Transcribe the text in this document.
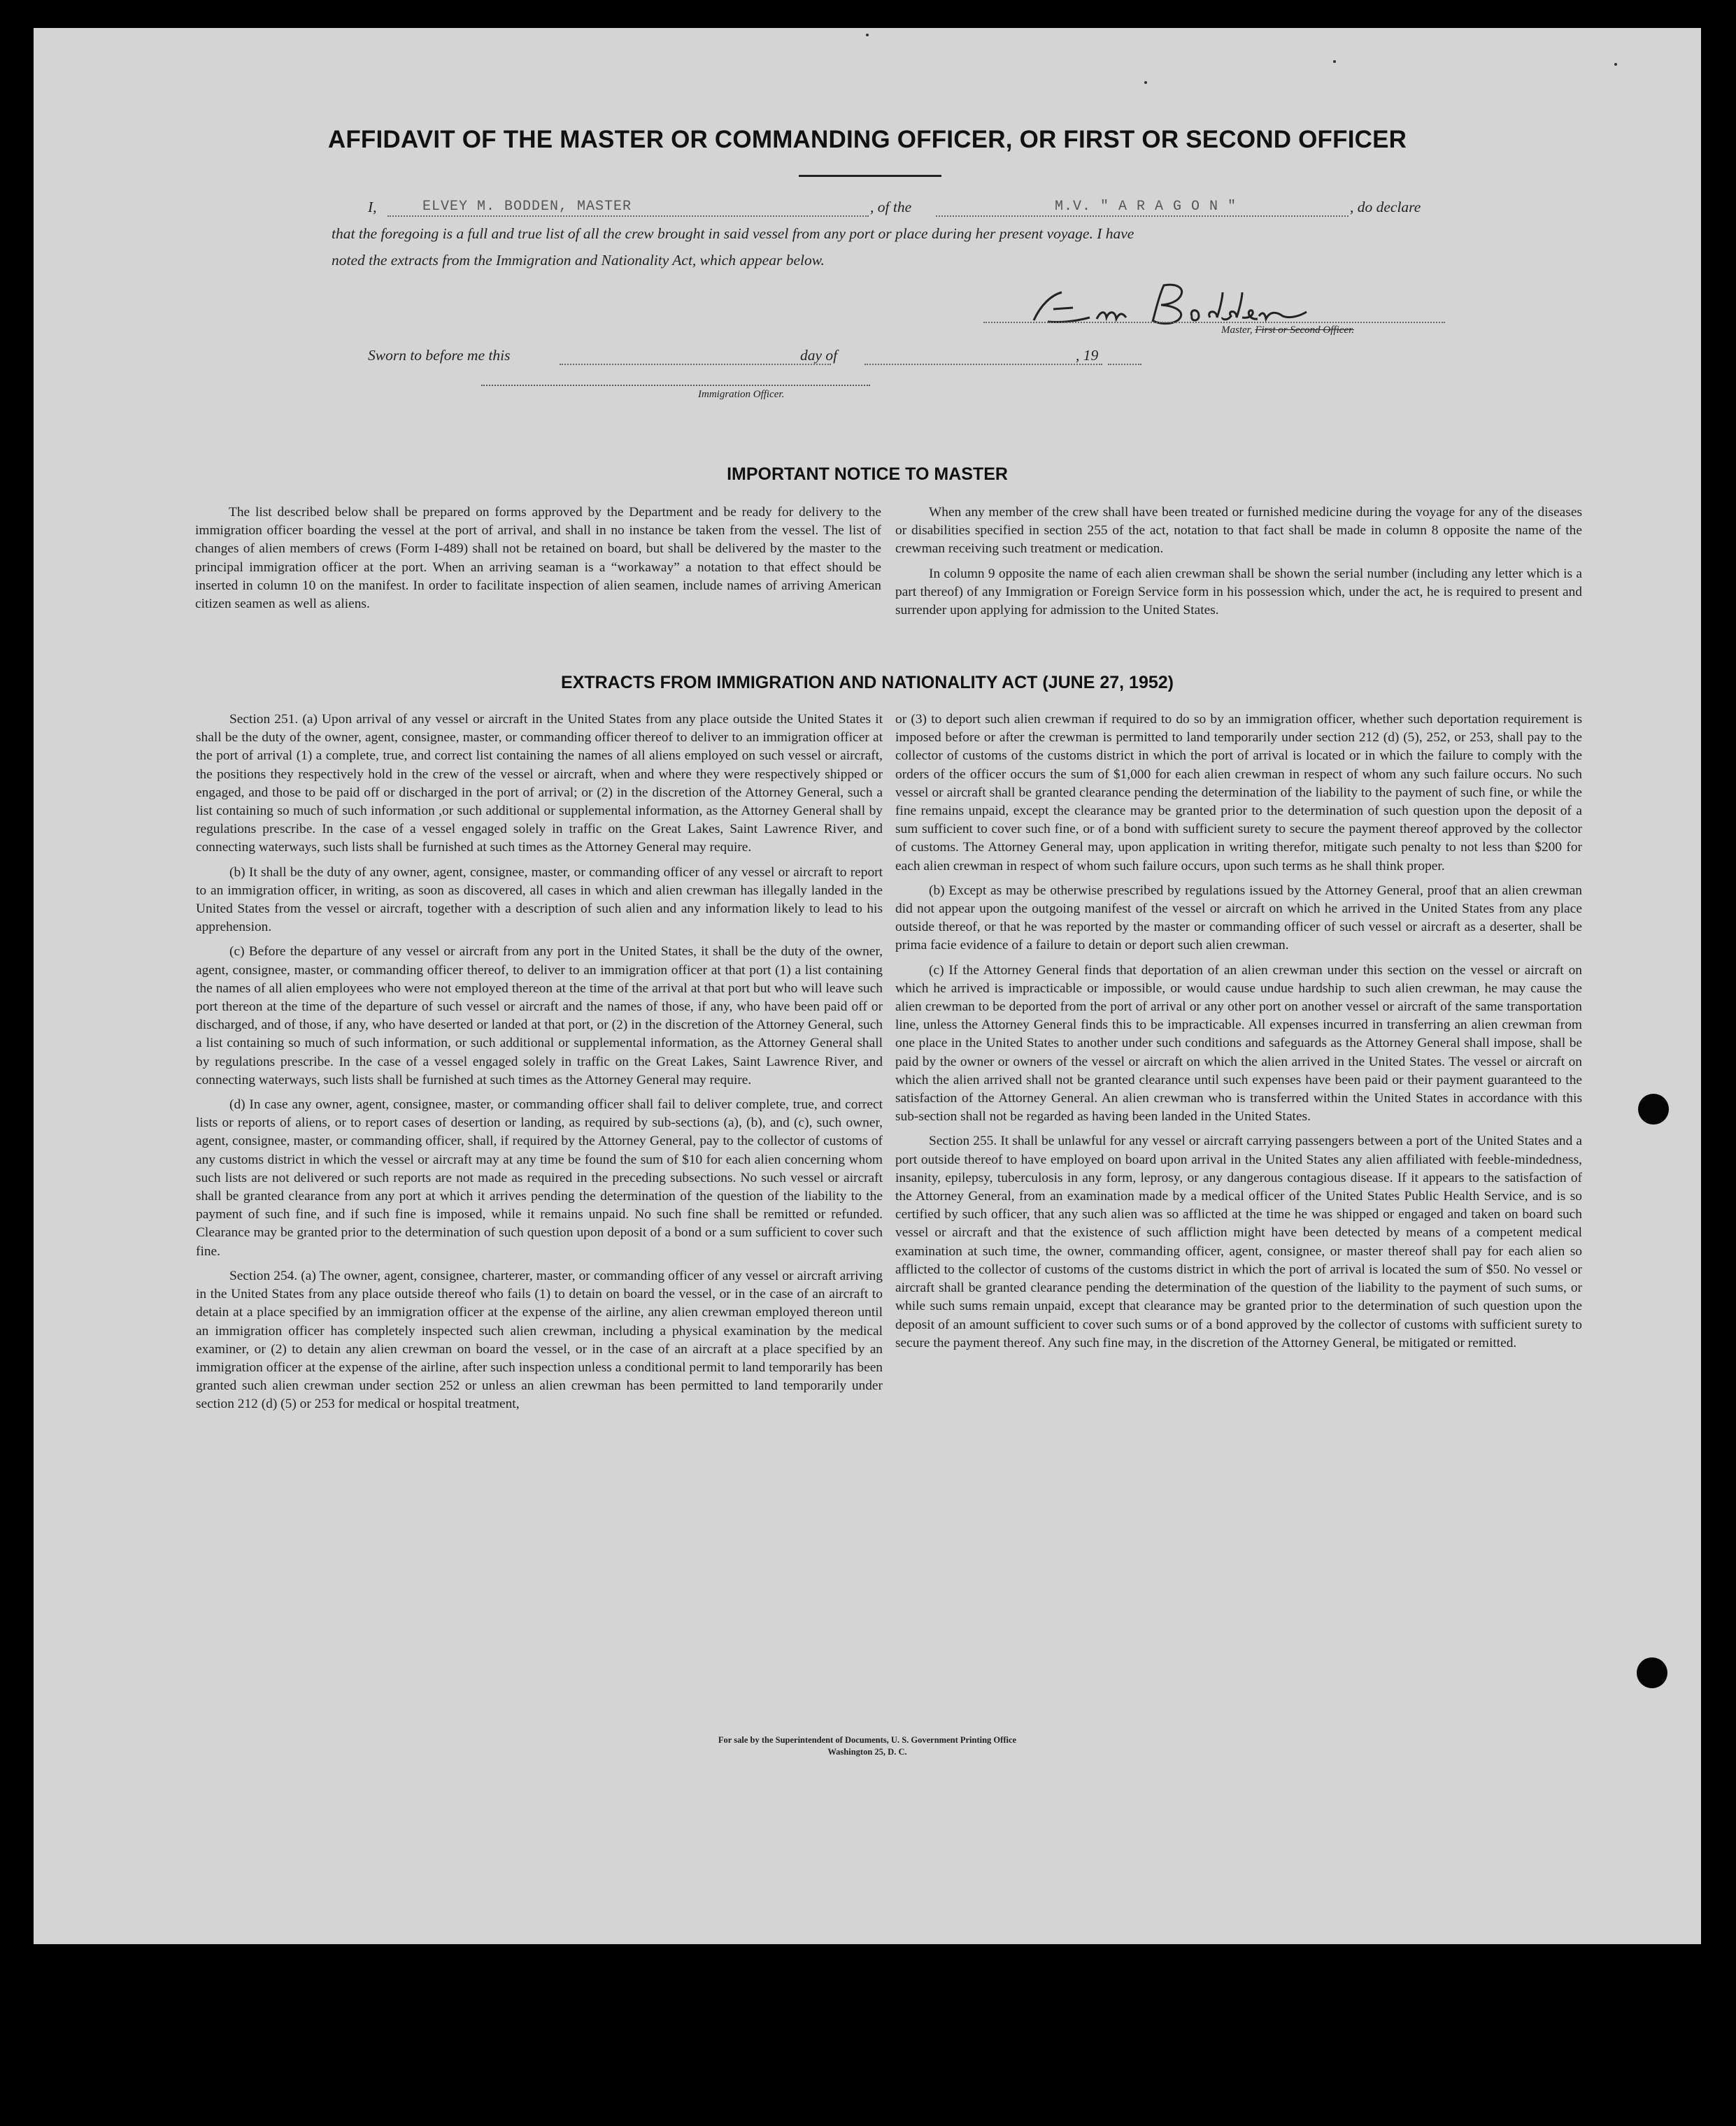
AFFIDAVIT OF THE MASTER OR COMMANDING OFFICER, OR FIRST OR SECOND OFFICER
I,	ELVEY M. BODDEN, MASTER	, of the	M.V. " A R A G O N "	, do declare
that the foregoing is a full and true list of all the crew brought in said vessel from any port or place during her present voyage. I have
noted the extracts from the Immigration and Nationality Act, which appear below.
Master, First or Second Officer.
Sworn to before me this	day of	, 19
Immigration Officer.
IMPORTANT NOTICE TO MASTER

The list described below shall be prepared on forms approved by the Department and be ready for delivery to the immigration officer boarding the vessel at the port of arrival, and shall in no instance be taken from the vessel. The list of changes of alien members of crews (Form I-489) shall not be retained on board, but shall be delivered by the master to the principal immigration officer at the port. When an arriving seaman is a “workaway” a notation to that effect should be inserted in column 10 on the manifest. In order to facilitate inspection of alien seamen, include names of arriving American citizen seamen as well as aliens.

When any member of the crew shall have been treated or furnished medicine during the voyage for any of the diseases or disabilities specified in section 255 of the act, notation to that fact shall be made in column 8 opposite the name of the crewman receiving such treatment or medication.

In column 9 opposite the name of each alien crewman shall be shown the serial number (including any letter which is a part thereof) of any Immigration or Foreign Service form in his possession which, under the act, he is required to present and surrender upon applying for admission to the United States.

EXTRACTS FROM IMMIGRATION AND NATIONALITY ACT (JUNE 27, 1952)

Section 251. (a) Upon arrival of any vessel or aircraft in the United States from any place outside the United States it shall be the duty of the owner, agent, consignee, master, or commanding officer thereof to deliver to an immigration officer at the port of arrival (1) a complete, true, and correct list containing the names of all aliens employed on such vessel or aircraft, the positions they respectively hold in the crew of the vessel or aircraft, when and where they were respectively shipped or engaged, and those to be paid off or discharged in the port of arrival; or (2) in the discretion of the Attorney General, such a list containing so much of such information ,or such additional or supplemental information, as the Attorney General shall by regulations prescribe. In the case of a vessel engaged solely in traffic on the Great Lakes, Saint Lawrence River, and connecting waterways, such lists shall be furnished at such times as the Attorney General may require.

(b) It shall be the duty of any owner, agent, consignee, master, or commanding officer of any vessel or aircraft to report to an immigration officer, in writing, as soon as discovered, all cases in which and alien crewman has illegally landed in the United States from the vessel or aircraft, together with a description of such alien and any information likely to lead to his apprehension.

(c) Before the departure of any vessel or aircraft from any port in the United States, it shall be the duty of the owner, agent, consignee, master, or commanding officer thereof, to deliver to an immigration officer at that port (1) a list containing the names of all alien employees who were not employed thereon at the time of the arrival at that port but who will leave such port thereon at the time of the departure of such vessel or aircraft and the names of those, if any, who have been paid off or discharged, and of those, if any, who have deserted or landed at that port, or (2) in the discretion of the Attorney General, such a list containing so much of such information, or such additional or supplemental information, as the Attorney General shall by regulations prescribe. In the case of a vessel engaged solely in traffic on the Great Lakes, Saint Lawrence River, and connecting waterways, such lists shall be furnished at such times as the Attorney General may require.

(d) In case any owner, agent, consignee, master, or commanding officer shall fail to deliver complete, true, and correct lists or reports of aliens, or to report cases of desertion or landing, as required by sub-sections (a), (b), and (c), such owner, agent, consignee, master, or commanding officer, shall, if required by the Attorney General, pay to the collector of customs of any customs district in which the vessel or aircraft may at any time be found the sum of $10 for each alien concerning whom such lists are not delivered or such reports are not made as required in the preceding subsections. No such vessel or aircraft shall be granted clearance from any port at which it arrives pending the determination of the question of the liability to the payment of such fine, and if such fine is imposed, while it remains unpaid. No such fine shall be remitted or refunded. Clearance may be granted prior to the determination of such question upon deposit of a bond or a sum sufficient to cover such fine.

Section 254. (a) The owner, agent, consignee, charterer, master, or commanding officer of any vessel or aircraft arriving in the United States from any place outside thereof who fails (1) to detain on board the vessel, or in the case of an aircraft to detain at a place specified by an immigration officer at the expense of the airline, any alien crewman employed thereon until an immigration officer has completely inspected such alien crewman, including a physical examination by the medical examiner, or (2) to detain any alien crewman on board the vessel, or in the case of an aircraft at a place specified by an immigration officer at the expense of the airline, after such inspection unless a conditional permit to land temporarily has been granted such alien crewman under section 252 or unless an alien crewman has been permitted to land temporarily under section 212 (d) (5) or 253 for medical or hospital treatment,

or (3) to deport such alien crewman if required to do so by an immigration officer, whether such deportation requirement is imposed before or after the crewman is permitted to land temporarily under section 212 (d) (5), 252, or 253, shall pay to the collector of customs of the customs district in which the port of arrival is located or in which the failure to comply with the orders of the officer occurs the sum of $1,000 for each alien crewman in respect of whom any such failure occurs. No such vessel or aircraft shall be granted clearance pending the determination of the liability to the payment of such fine, or while the fine remains unpaid, except the clearance may be granted prior to the determination of such question upon the deposit of a sum sufficient to cover such fine, or of a bond with sufficient surety to secure the payment thereof approved by the collector of customs. The Attorney General may, upon application in writing therefor, mitigate such penalty to not less than $200 for each alien crewman in respect of whom such failure occurs, upon such terms as he shall think proper.

(b) Except as may be otherwise prescribed by regulations issued by the Attorney General, proof that an alien crewman did not appear upon the outgoing manifest of the vessel or aircraft on which he arrived in the United States from any place outside thereof, or that he was reported by the master or commanding officer of such vessel or aircraft as a deserter, shall be prima facie evidence of a failure to detain or deport such alien crewman.

(c) If the Attorney General finds that deportation of an alien crewman under this section on the vessel or aircraft on which he arrived is impracticable or impossible, or would cause undue hardship to such alien crewman, he may cause the alien crewman to be deported from the port of arrival or any other port on another vessel or aircraft of the same transportation line, unless the Attorney General finds this to be impracticable. All expenses incurred in transferring an alien crewman from one place in the United States to another under such conditions and safeguards as the Attorney General shall impose, shall be paid by the owner or owners of the vessel or aircraft on which the alien arrived in the United States. The vessel or aircraft on which the alien arrived shall not be granted clearance until such expenses have been paid or their payment guaranteed to the satisfaction of the Attorney General. An alien crewman who is transferred within the United States in accordance with this sub-section shall not be regarded as having been landed in the United States.

Section 255. It shall be unlawful for any vessel or aircraft carrying passengers between a port of the United States and a port outside thereof to have employed on board upon arrival in the United States any alien affiliated with feeble-mindedness, insanity, epilepsy, tuberculosis in any form, leprosy, or any dangerous contagious disease. If it appears to the satisfaction of the Attorney General, from an examination made by a medical officer of the United States Public Health Service, and is so certified by such officer, that any such alien was so afflicted at the time he was shipped or engaged and taken on board such vessel or aircraft and that the existence of such affliction might have been detected by means of a competent medical examination at such time, the owner, commanding officer, agent, consignee, or master thereof shall pay for each alien so afflicted to the collector of customs of the customs district in which the port of arrival is located the sum of $50. No vessel or aircraft shall be granted clearance pending the determination of the question of the liability to the payment of such sums, or while such sums remain unpaid, except that clearance may be granted prior to the determination of such question upon the deposit of an amount sufficient to cover such sums or of a bond approved by the collector of customs with sufficient surety to secure the payment thereof. Any such fine may, in the discretion of the Attorney General, be mitigated or remitted.

For sale by the Superintendent of Documents, U. S. Government Printing Office
Washington 25, D. C.
